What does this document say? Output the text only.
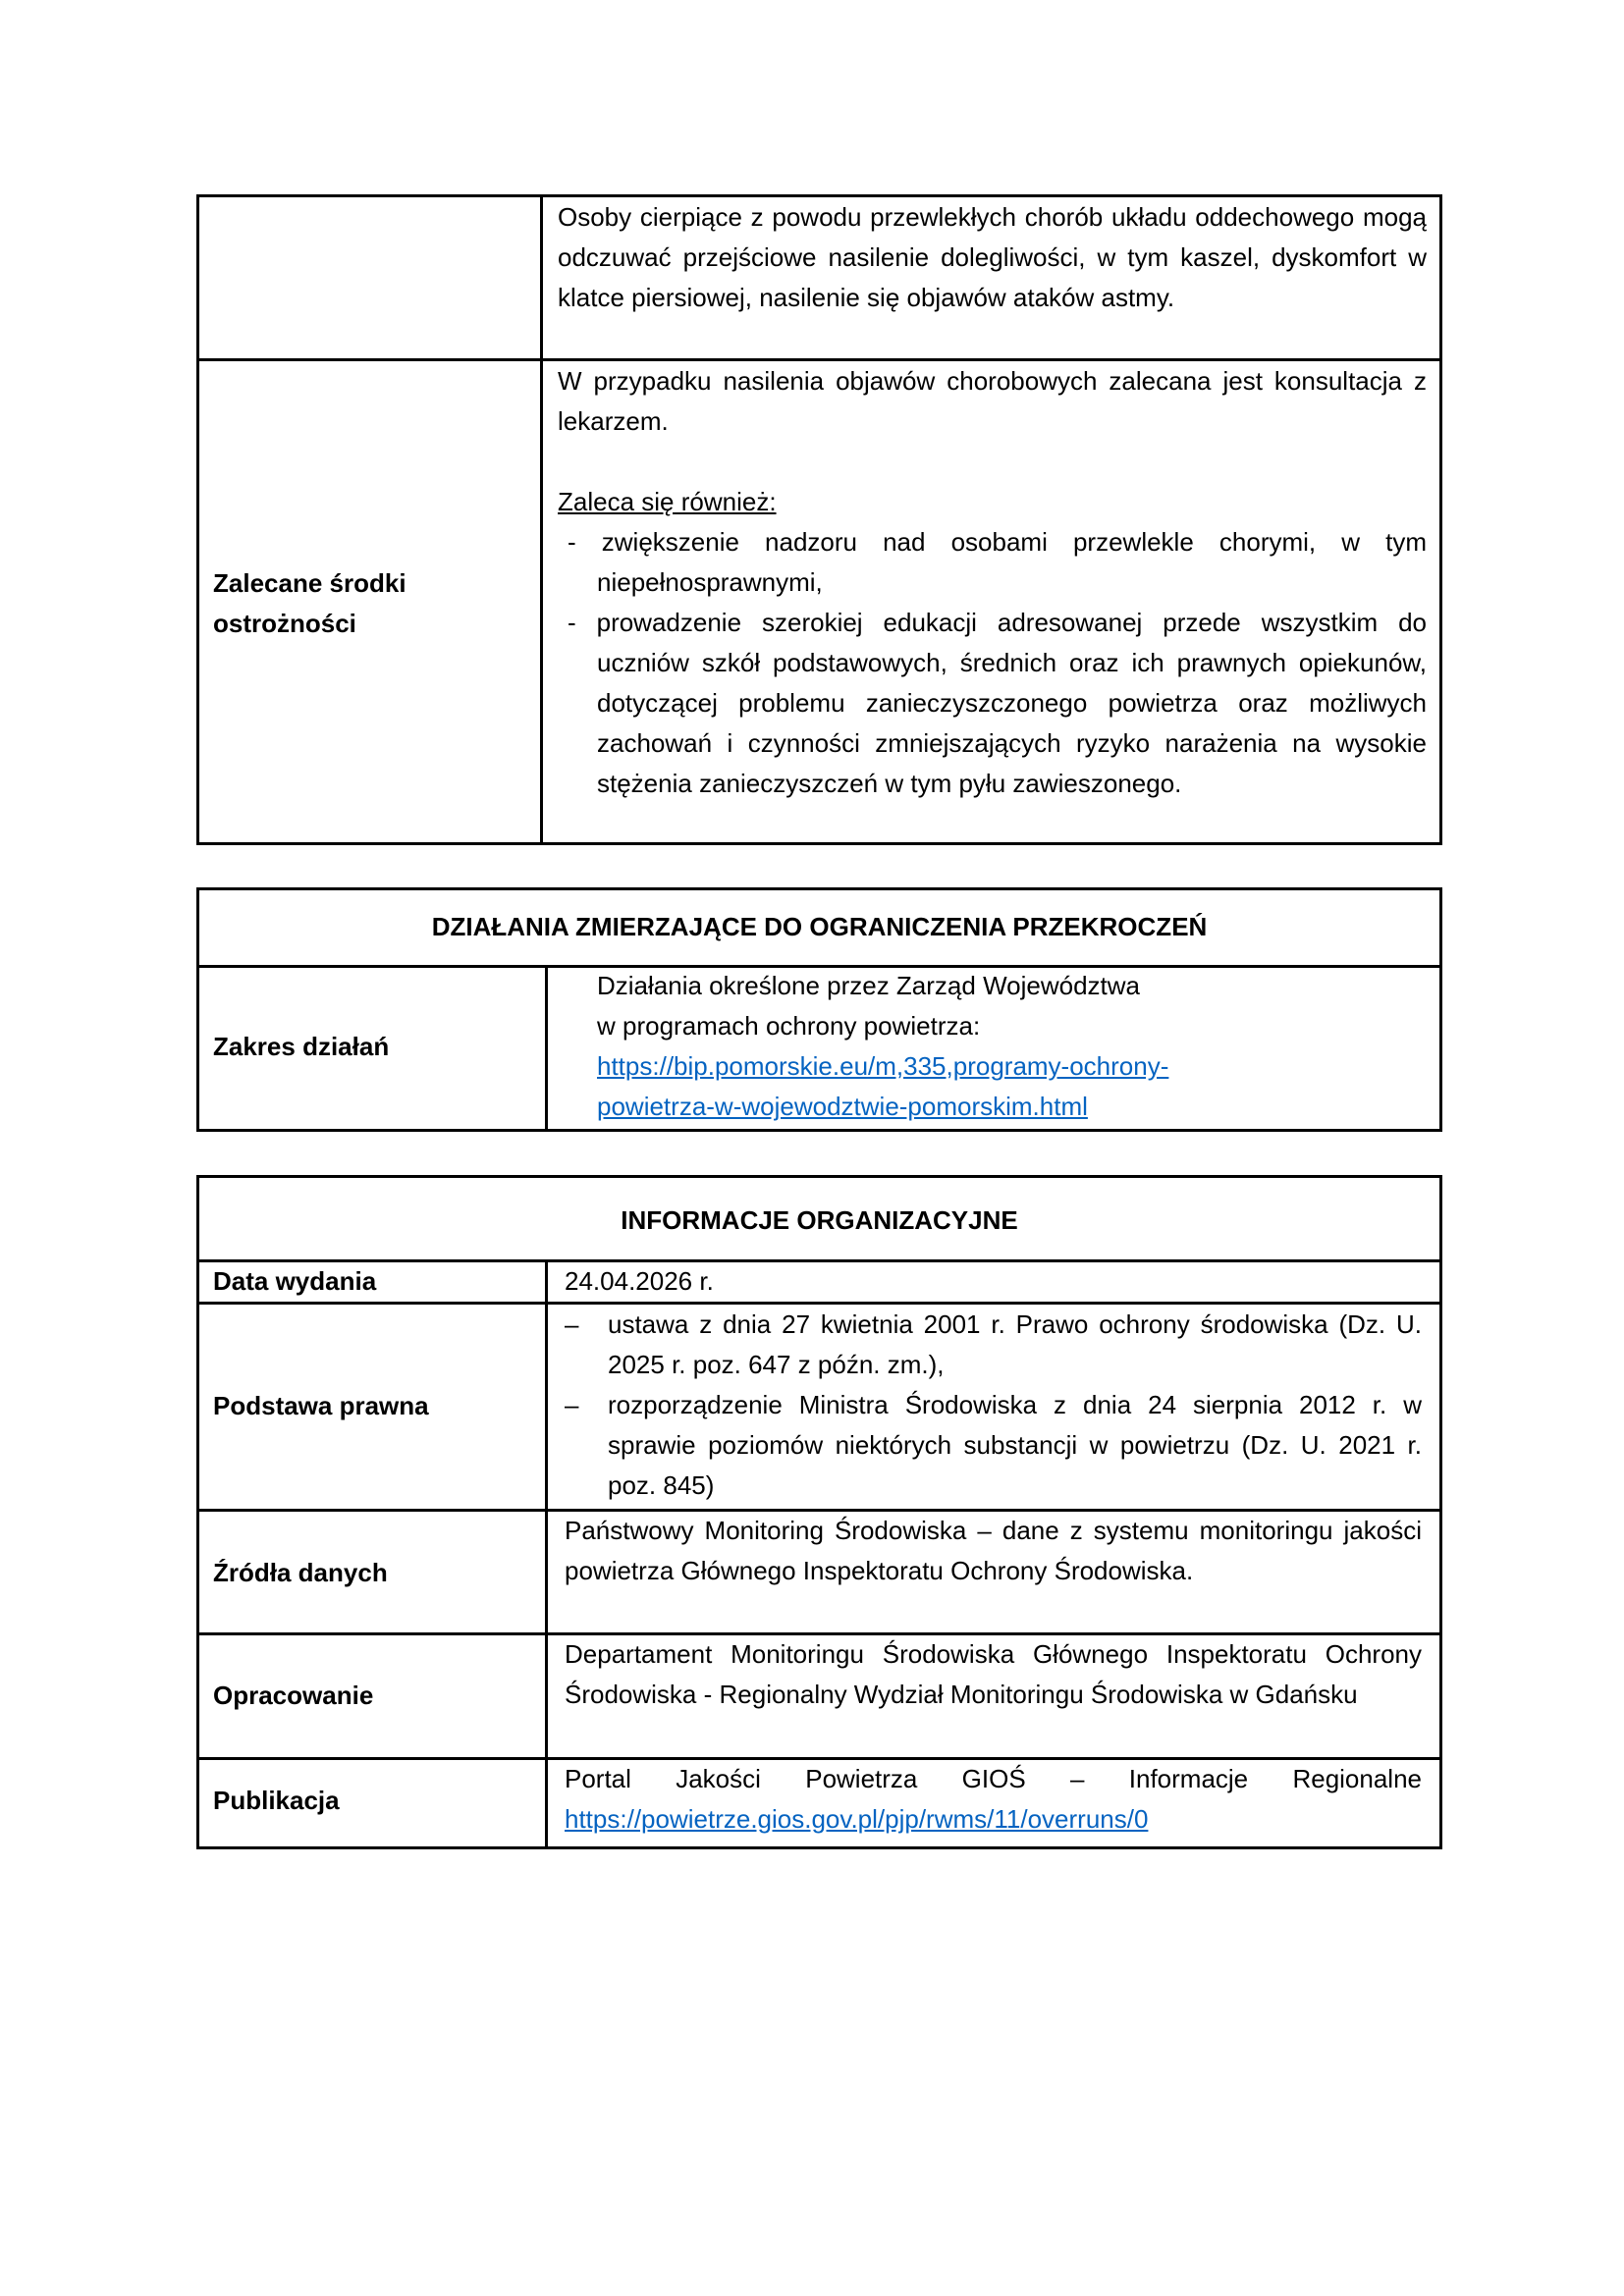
Osoby cierpiące z powodu przewlekłych chorób układu oddechowego mogą odczuwać przejściowe nasilenie dolegliwości, w tym kaszel, dyskomfort w klatce piersiowej, nasilenie się objawów ataków astmy.

Zalecane środki
ostrożności

W przypadku nasilenia objawów chorobowych zalecana jest konsultacja z lekarzem.

Zaleca się również:

- zwiększenie nadzoru nad osobami przewlekle chorymi, w tym niepełnosprawnymi,

- prowadzenie szerokiej edukacji adresowanej przede wszystkim do uczniów szkół podstawowych, średnich oraz ich prawnych opiekunów, dotyczącej problemu zanieczyszczonego powietrza oraz możliwych zachowań i czynności zmniejszających ryzyko narażenia na wysokie stężenia zanieczyszczeń w tym pyłu zawieszonego.

DZIAŁANIA ZMIERZAJĄCE DO OGRANICZENIA PRZEKROCZEŃ
Zakres działań
Działania określone przez Zarząd Województwa
w programach ochrony powietrza:
https://bip.pomorskie.eu/m,335,programy-ochrony-
powietrza-w-wojewodztwie-pomorskim.html
INFORMACJE ORGANIZACYJNE
Data wydania	24.04.2026 r.
Podstawa prawna

– ustawa z dnia 27 kwietnia 2001 r. Prawo ochrony środowiska (Dz. U. 2025 r. poz. 647 z późn. zm.),

– rozporządzenie Ministra Środowiska z dnia 24 sierpnia 2012 r. w sprawie poziomów niektórych substancji w powietrzu (Dz. U. 2021 r. poz. 845)

Źródła danych
Państwowy Monitoring Środowiska – dane z systemu monitoringu jakości powietrza Głównego Inspektoratu Ochrony Środowiska.
Opracowanie
Departament Monitoringu Środowiska Głównego Inspektoratu Ochrony Środowiska - Regionalny Wydział Monitoringu Środowiska w Gdańsku
Publikacja
Portal Jakości Powietrza GIOŚ – Informacje Regionalne
https://powietrze.gios.gov.pl/pjp/rwms/11/overruns/0
